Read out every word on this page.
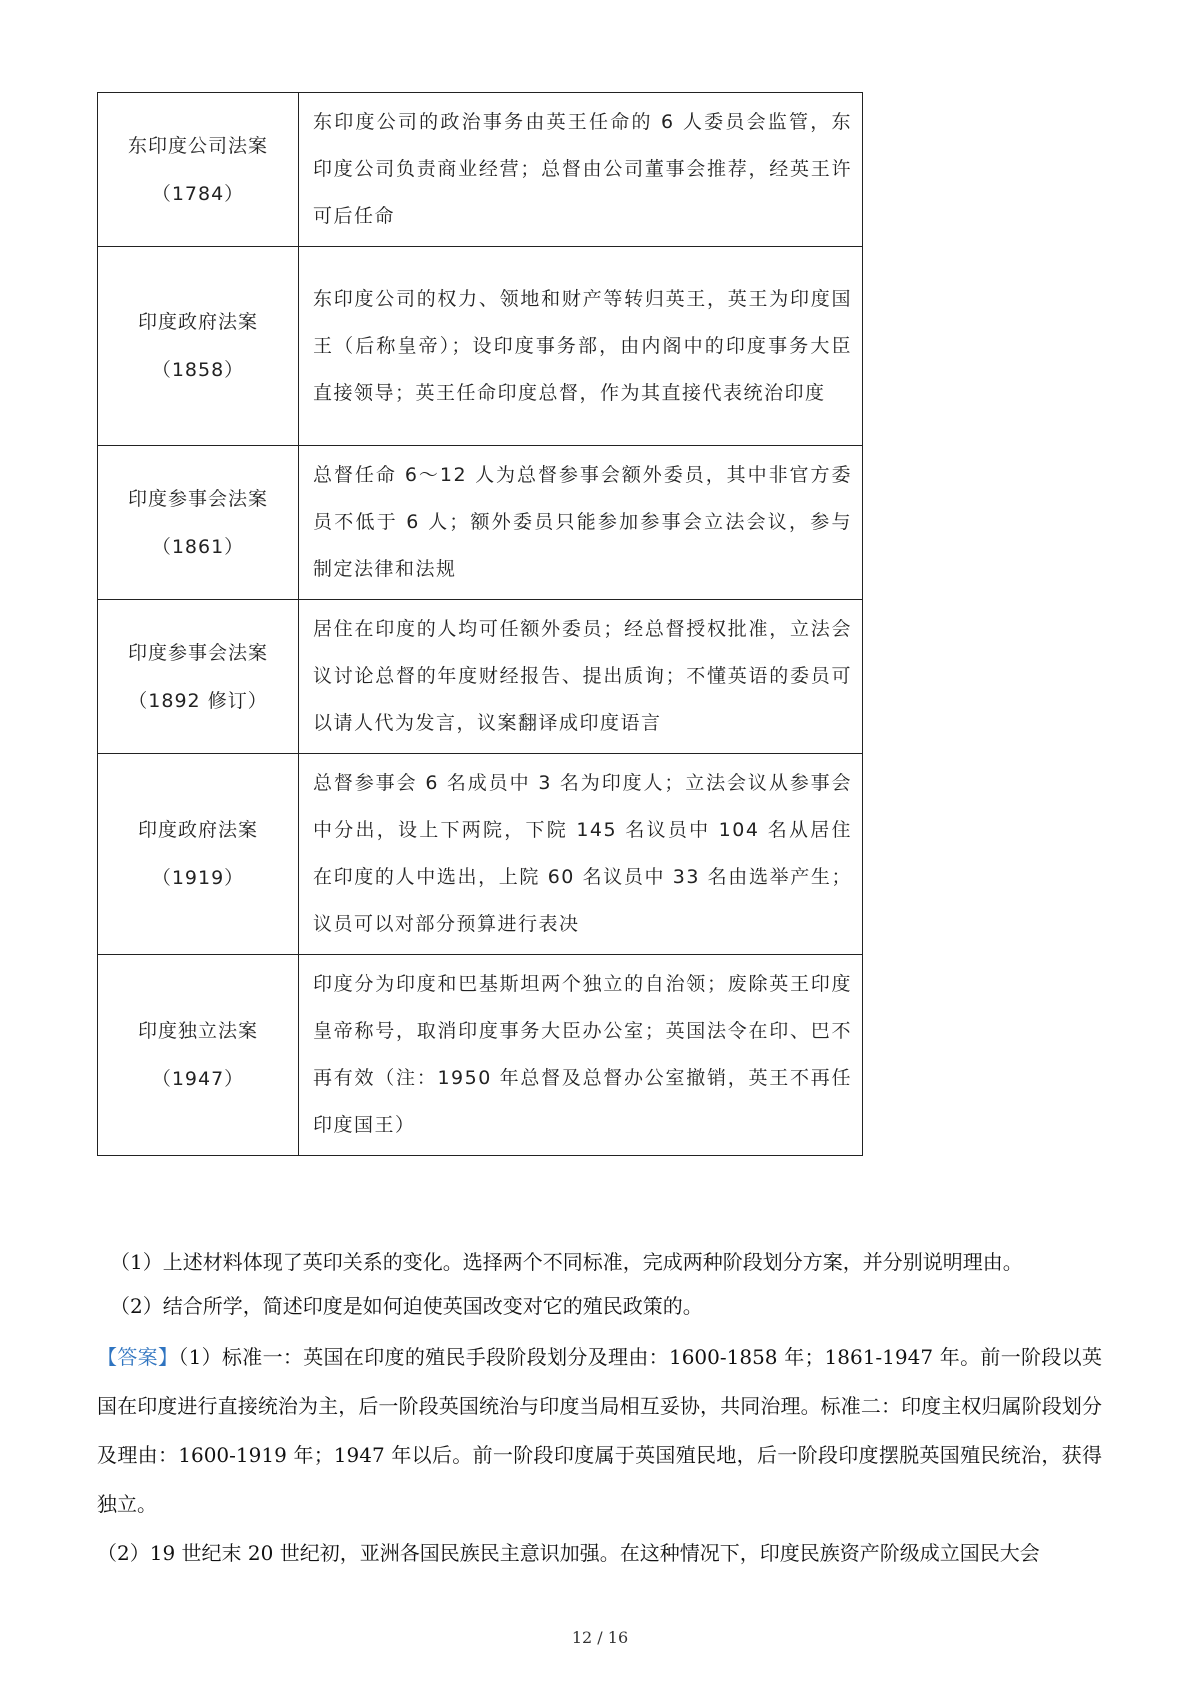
东印度公司法案
（1784）	东印度公司的政治事务由英王任命的 6 人委员会监管，东印度公司负责商业经营；总督由公司董事会推荐，经英王许可后任命

印度政府法案
（1858）	东印度公司的权力、领地和财产等转归英王，英王为印度国王（后称皇帝）；设印度事务部，由内阁中的印度事务大臣直接领导；英王任命印度总督，作为其直接代表统治印度

印度参事会法案
（1861）	总督任命 6～12 人为总督参事会额外委员，其中非官方委员不低于 6 人；额外委员只能参加参事会立法会议，参与制定法律和法规

印度参事会法案
（1892 修订）	居住在印度的人均可任额外委员；经总督授权批准，立法会议讨论总督的年度财经报告、提出质询；不懂英语的委员可以请人代为发言，议案翻译成印度语言

印度政府法案
（1919）	总督参事会 6 名成员中 3 名为印度人；立法会议从参事会中分出，设上下两院，下院 145 名议员中 104 名从居住在印度的人中选出，上院 60 名议员中 33 名由选举产生；议员可以对部分预算进行表决

印度独立法案
（1947）	印度分为印度和巴基斯坦两个独立的自治领；废除英王印度皇帝称号，取消印度事务大臣办公室；英国法令在印、巴不再有效（注：1950 年总督及总督办公室撤销，英王不再任印度国王）
（1）上述材料体现了英印关系的变化。选择两个不同标准，完成两种阶段划分方案，并分别说明理由。
（2）结合所学，简述印度是如何迫使英国改变对它的殖民政策的。

【答案】（1）标准一：英国在印度的殖民手段阶段划分及理由：1600-1858 年；1861-1947 年。前一阶段以英国在印度进行直接统治为主，后一阶段英国统治与印度当局相互妥协，共同治理。标准二：印度主权归属阶段划分及理由：1600-1919 年；1947 年以后。前一阶段印度属于英国殖民地，后一阶段印度摆脱英国殖民统治，获得独立。

（2）19 世纪末 20 世纪初，亚洲各国民族民主意识加强。在这种情况下，印度民族资产阶级成立国民大会

12 / 16
